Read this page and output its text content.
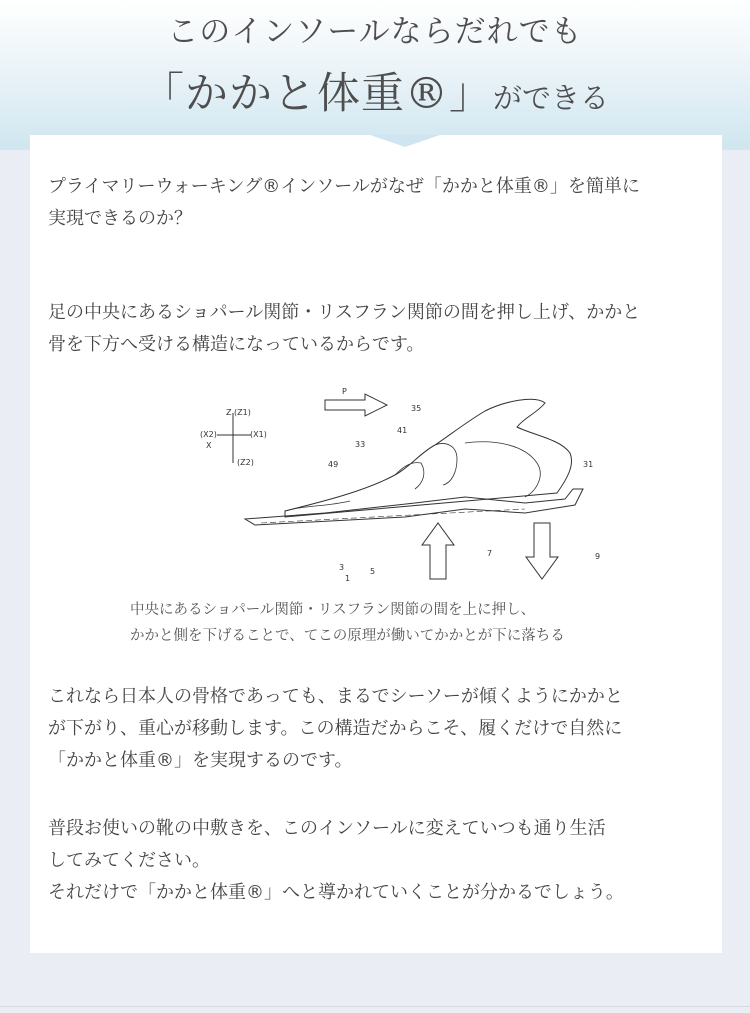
このインソールならだれでも
「かかと体重®」ができる

プライマリーウォーキング®インソールがなぜ「かかと体重®」を簡単に
実現できるのか？

足の中央にあるショパール関節・リスフラン関節の間を押し上げ、かかと
骨を下方へ受ける構造になっているからです。

P
Z (Z1)
(X2)	(X1)
X
(Z2)
35
41
33
49	31
3	5
1
7	9

中央にあるショパール関節・リスフラン関節の間を上に押し、
かかと側を下げることで、てこの原理が働いてかかとが下に落ちる

これなら日本人の骨格であっても、まるでシーソーが傾くようにかかと
が下がり、重心が移動します。この構造だからこそ、履くだけで自然に
「かかと体重®」を実現するのです。

普段お使いの靴の中敷きを、このインソールに変えていつも通り生活
してみてください。
それだけで「かかと体重®」へと導かれていくことが分かるでしょう。
